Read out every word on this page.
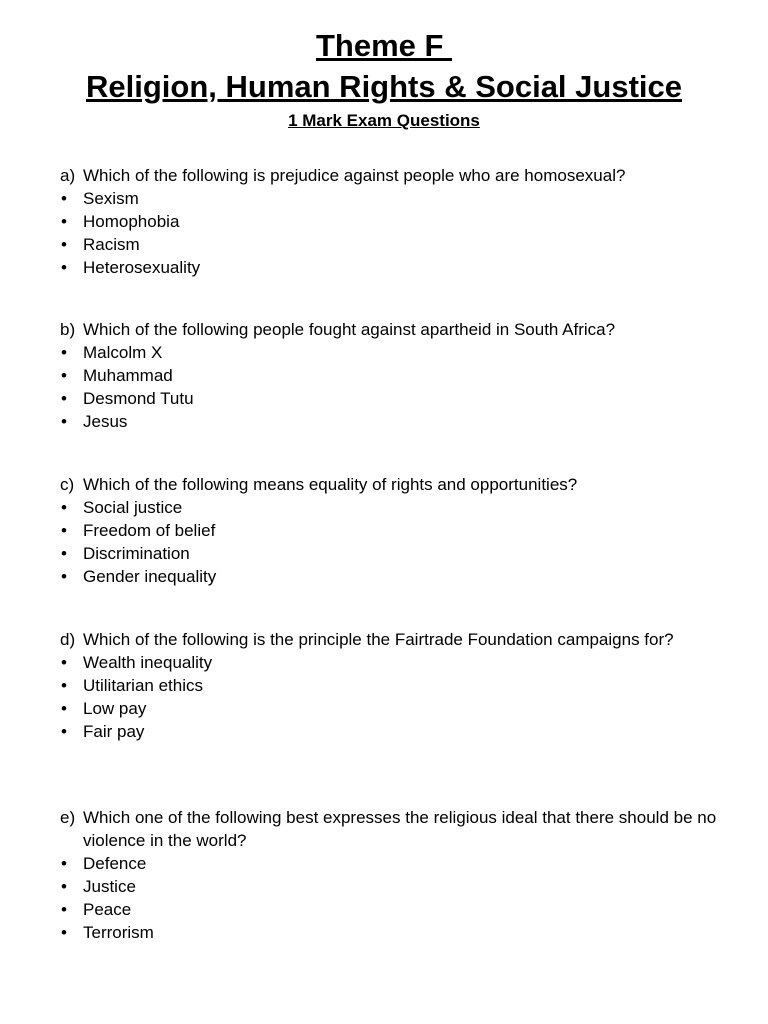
Theme F
Religion, Human Rights & Social Justice
1 Mark Exam Questions
a) Which of the following is prejudice against people who are homosexual?
• Sexism
• Homophobia
• Racism
• Heterosexuality
b) Which of the following people fought against apartheid in South Africa?
• Malcolm X
• Muhammad
• Desmond Tutu
• Jesus
c) Which of the following means equality of rights and opportunities?
• Social justice
• Freedom of belief
• Discrimination
• Gender inequality
d) Which of the following is the principle the Fairtrade Foundation campaigns for?
• Wealth inequality
• Utilitarian ethics
• Low pay
• Fair pay
e) Which one of the following best expresses the religious ideal that there should be no violence in the world?
• Defence
• Justice
• Peace
• Terrorism
